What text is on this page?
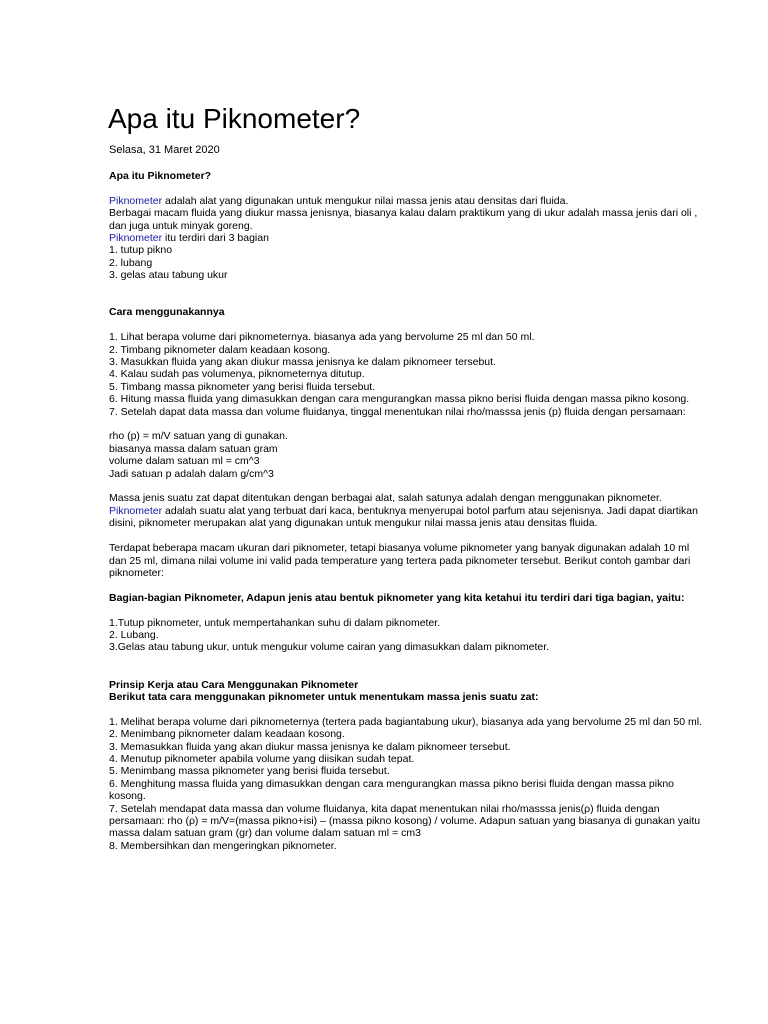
Apa itu Piknometer?
Selasa, 31 Maret 2020

Apa itu Piknometer?

Piknometer adalah alat yang digunakan untuk mengukur nilai massa jenis atau densitas dari fluida.

Berbagai macam fluida yang diukur massa jenisnya, biasanya kalau dalam praktikum yang di ukur adalah massa jenis dari oli , dan juga untuk minyak goreng.

Piknometer itu terdiri dari 3 bagian

1. tutup pikno

2. lubang

3. gelas atau tabung ukur

Cara menggunakannya

1. Lihat berapa volume dari piknometernya. biasanya ada yang bervolume 25 ml dan 50 ml.

2. Timbang piknometer dalam keadaan kosong.

3. Masukkan fluida yang akan diukur massa jenisnya ke dalam piknomeer tersebut.

4. Kalau sudah pas volumenya, piknometernya ditutup.

5. Timbang massa piknometer yang berisi fluida tersebut.

6. Hitung massa fluida yang dimasukkan dengan cara mengurangkan massa pikno berisi fluida dengan massa pikno kosong.

7. Setelah dapat data massa dan volume fluidanya, tinggal menentukan nilai rho/masssa jenis (p) fluida dengan persamaan:

rho (p) = m/V satuan yang di gunakan.

biasanya massa dalam satuan gram

volume dalam satuan ml = cm^3

Jadi satuan p adalah dalam g/cm^3

Massa jenis suatu zat dapat ditentukan dengan berbagai alat, salah satunya adalah dengan menggunakan piknometer. Piknometer adalah suatu alat yang terbuat dari kaca, bentuknya menyerupai botol parfum atau sejenisnya. Jadi dapat diartikan disini, piknometer merupakan alat yang digunakan untuk mengukur nilai massa jenis atau densitas fluida.

Terdapat beberapa macam ukuran dari piknometer, tetapi biasanya volume piknometer yang banyak digunakan adalah 10 ml dan 25 ml, dimana nilai volume ini valid pada temperature yang tertera pada piknometer tersebut. Berikut contoh gambar dari piknometer:

Bagian-bagian Piknometer, Adapun jenis atau bentuk piknometer yang kita ketahui itu terdiri dari tiga bagian, yaitu:

1.Tutup piknometer, untuk mempertahankan suhu di dalam piknometer.

2. Lubang.

3.Gelas atau tabung ukur, untuk mengukur volume cairan yang dimasukkan dalam piknometer.

Prinsip Kerja atau Cara Menggunakan Piknometer

Berikut tata cara menggunakan piknometer untuk menentukam massa jenis suatu zat:

1. Melihat berapa volume dari piknometernya (tertera pada bagiantabung ukur), biasanya ada yang bervolume 25 ml dan 50 ml.

2. Menimbang piknometer dalam keadaan kosong.

3. Memasukkan fluida yang akan diukur massa jenisnya ke dalam piknomeer tersebut.

4. Menutup piknometer apabila volume yang diisikan sudah tepat.

5. Menimbang massa piknometer yang berisi fluida tersebut.

6. Menghitung massa fluida yang dimasukkan dengan cara mengurangkan massa pikno berisi fluida dengan massa pikno kosong.

7. Setelah mendapat data massa dan volume fluidanya, kita dapat menentukan nilai rho/masssa jenis(ρ) fluida dengan persamaan: rho (ρ) = m/V=(massa pikno+isi) – (massa pikno kosong) / volume. Adapun satuan yang biasanya di gunakan yaitu massa dalam satuan gram (gr) dan volume dalam satuan ml = cm3

8. Membersihkan dan mengeringkan piknometer.
